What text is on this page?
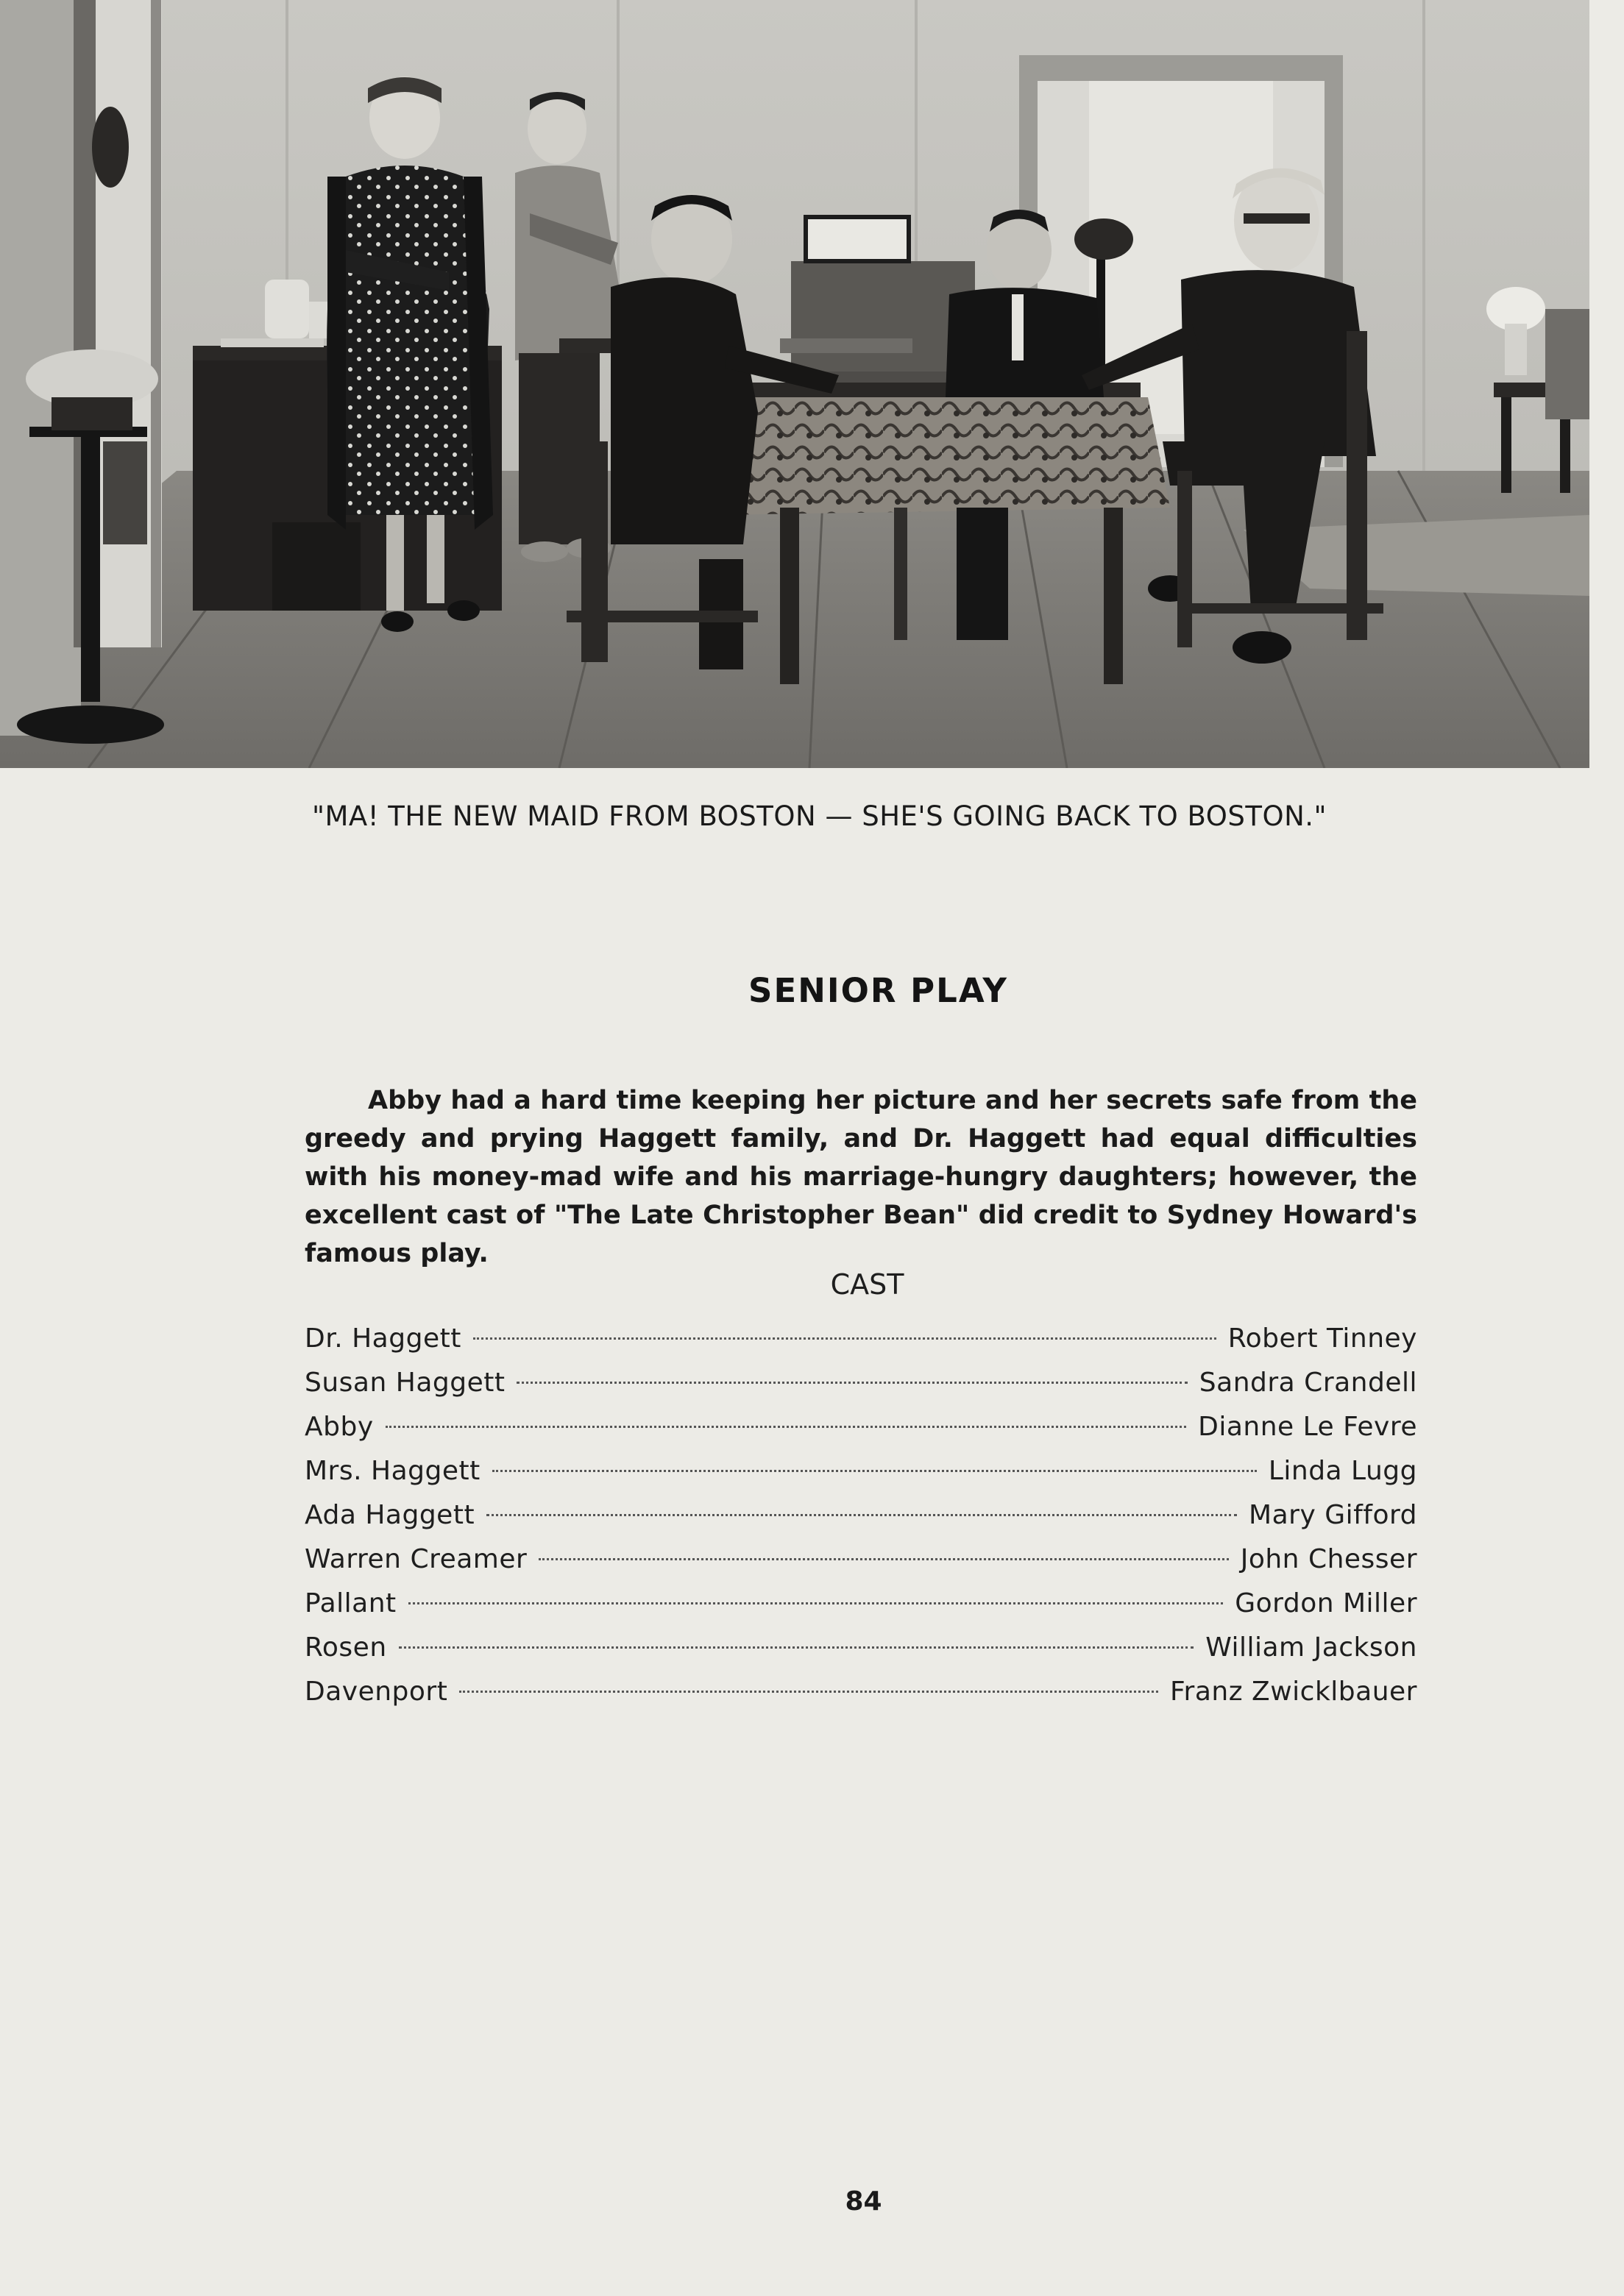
"MA! THE NEW MAID FROM BOSTON — SHE'S GOING BACK TO BOSTON."
SENIOR PLAY

Abby had a hard time keeping her picture and her secrets safe from the greedy and prying Haggett family, and Dr. Haggett had equal difficulties with his money-mad wife and his marriage-hungry daughters; however, the excellent cast of "The Late Christopher Bean" did credit to Sydney Howard's famous play.

CAST
Dr. Haggett	Robert Tinney
Susan Haggett	Sandra Crandell
Abby	Dianne Le Fevre
Mrs. Haggett	Linda Lugg
Ada Haggett	Mary Gifford
Warren Creamer	John Chesser
Pallant	Gordon Miller
Rosen	William Jackson
Davenport	Franz Zwicklbauer
84
